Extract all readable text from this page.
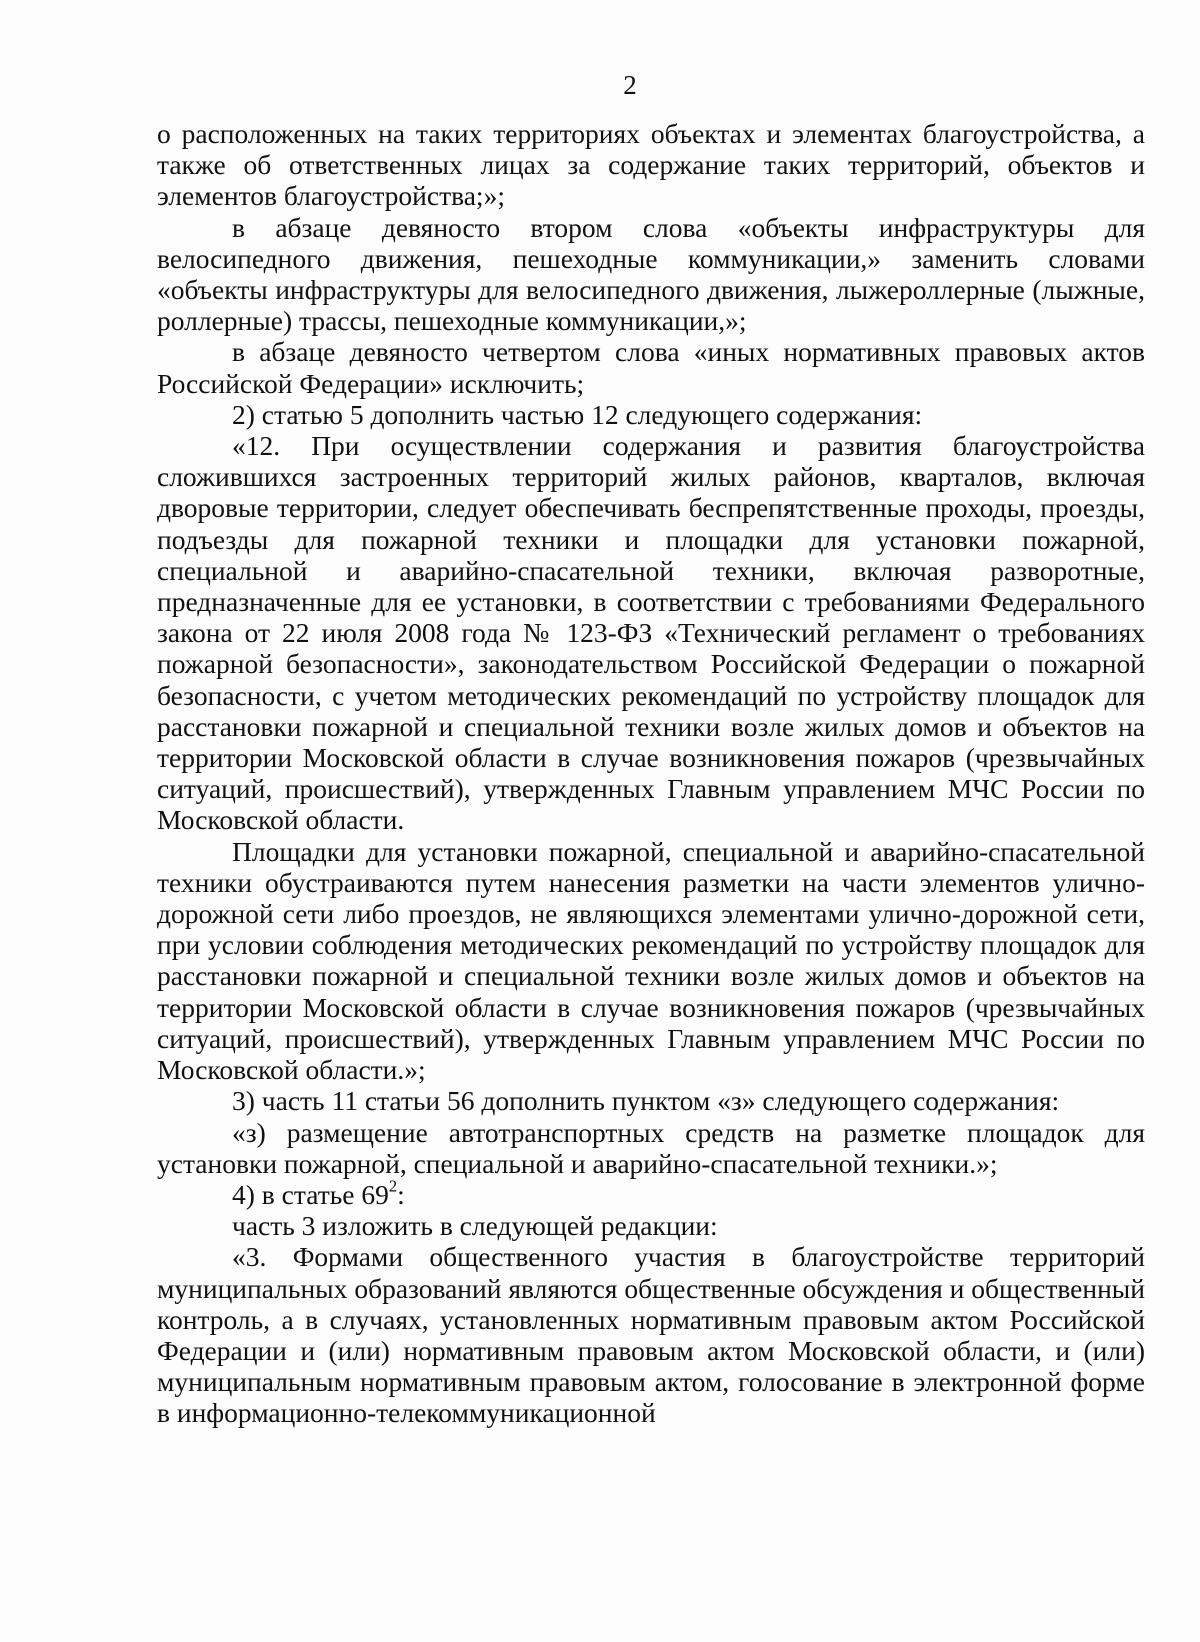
2

о расположенных на таких территориях объектах и элементах благоустройства, а также об ответственных лицах за содержание таких территорий, объектов и элементов благоустройства;»;

в абзаце девяносто втором слова «объекты инфраструктуры для велосипедного движения, пешеходные коммуникации,» заменить словами «объекты инфраструктуры для велосипедного движения, лыжероллерные (лыжные, роллерные) трассы, пешеходные коммуникации,»;

в абзаце девяносто четвертом слова «иных нормативных правовых актов Российской Федерации» исключить;

2) статью 5 дополнить частью 12 следующего содержания:

«12. При осуществлении содержания и развития благоустройства сложившихся застроенных территорий жилых районов, кварталов, включая дворовые территории, следует обеспечивать беспрепятственные проходы, проезды, подъезды для пожарной техники и площадки для установки пожарной, специальной и аварийно-спасательной техники, включая разворотные, предназначенные для ее установки, в соответствии с требованиями Федерального закона от 22 июля 2008 года № 123-ФЗ «Технический регламент о требованиях пожарной безопасности», законодательством Российской Федерации о пожарной безопасности, с учетом методических рекомендаций по устройству площадок для расстановки пожарной и специальной техники возле жилых домов и объектов на территории Московской области в случае возникновения пожаров (чрезвычайных ситуаций, происшествий), утвержденных Главным управлением МЧС России по Московской области.

Площадки для установки пожарной, специальной и аварийно-спасательной техники обустраиваются путем нанесения разметки на части элементов улично-дорожной сети либо проездов, не являющихся элементами улично-дорожной сети, при условии соблюдения методических рекомендаций по устройству площадок для расстановки пожарной и специальной техники возле жилых домов и объектов на территории Московской области в случае возникновения пожаров (чрезвычайных ситуаций, происшествий), утвержденных Главным управлением МЧС России по Московской области.»;

3) часть 11 статьи 56 дополнить пунктом «з» следующего содержания:

«з) размещение автотранспортных средств на разметке площадок для установки пожарной, специальной и аварийно-спасательной техники.»;

4) в статье $69^2$:

часть 3 изложить в следующей редакции:

«3. Формами общественного участия в благоустройстве территорий муниципальных образований являются общественные обсуждения и общественный контроль, а в случаях, установленных нормативным правовым актом Российской Федерации и (или) нормативным правовым актом Московской области, и (или) муниципальным нормативным правовым актом, голосование в электронной форме в информационно-телекоммуникационной
